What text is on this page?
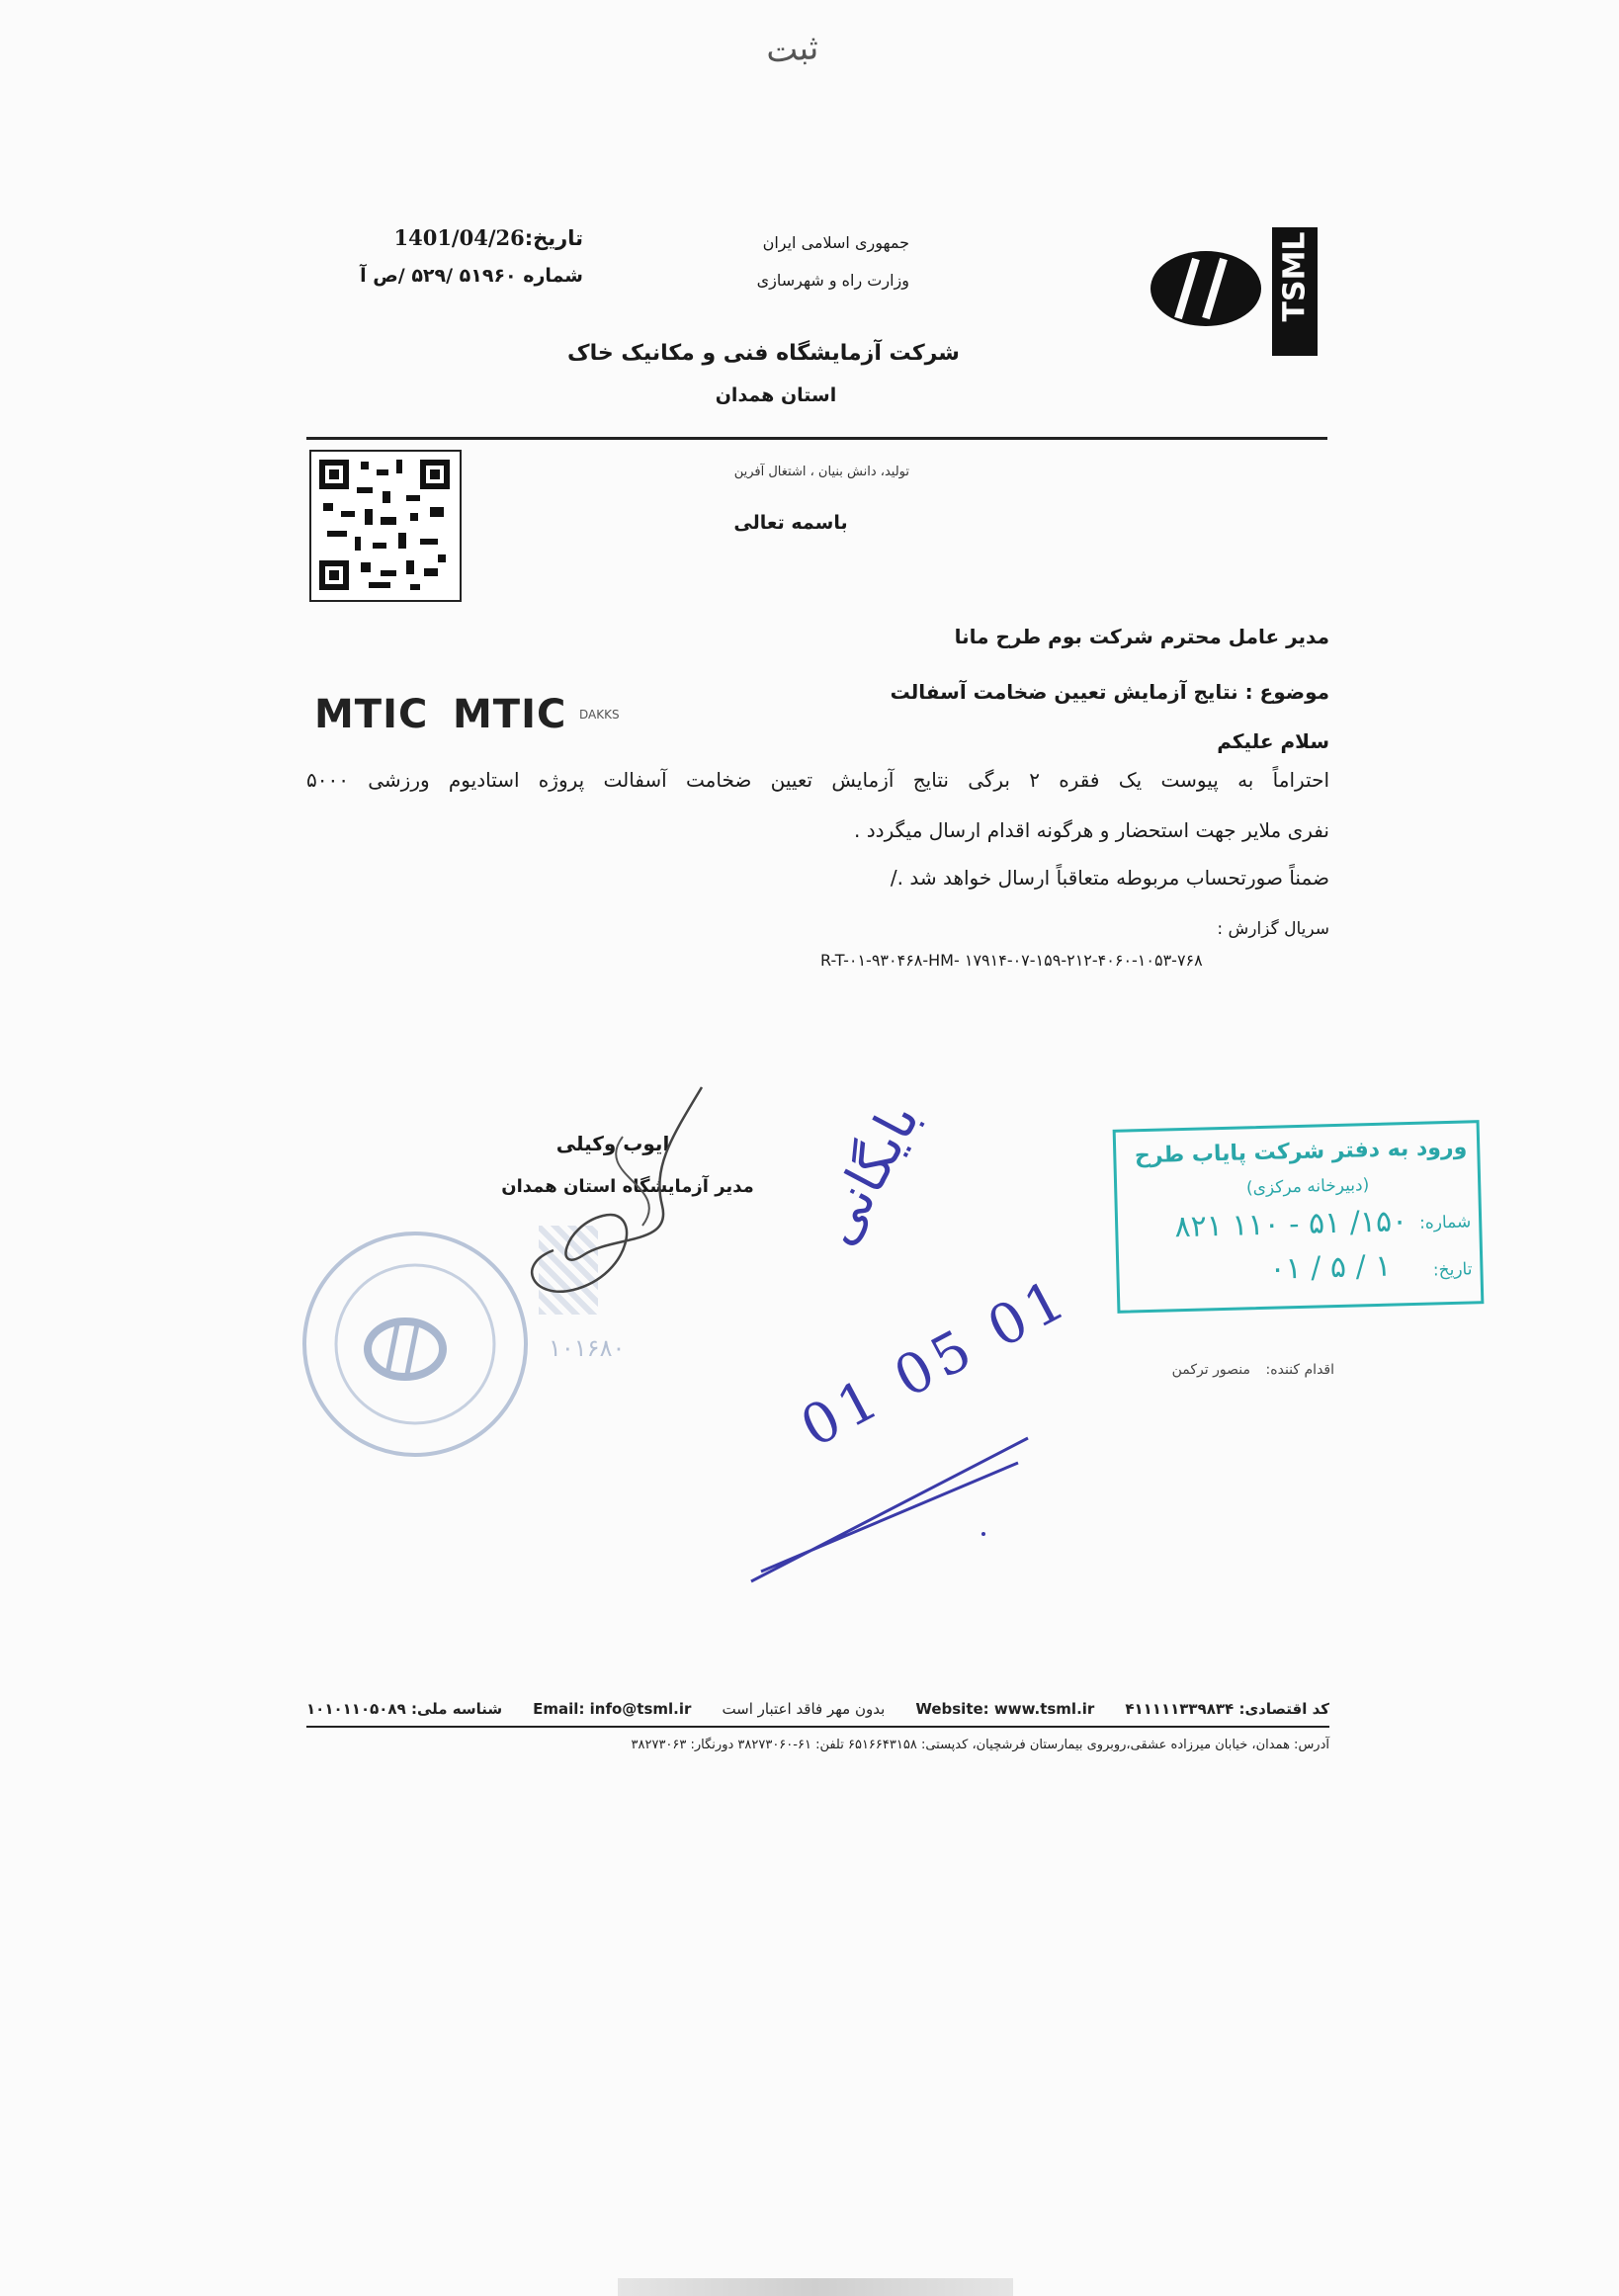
ثبت
تاریخ:1401/04/26
شماره ۵۱۹۶۰ /۵۲۹ /ص آ
جمهوری اسلامی ایران
وزارت راه و شهرسازی	TSML
شرکت آزمایشگاه فنی و مکانیک خاک
استان همدان
تولید، دانش بنیان ، اشتغال آفرین
باسمه تعالی
مدیر عامل محترم شرکت بوم طرح مانا
موضوع : نتایج آزمایش تعیین ضخامت آسفالت
MTIC MTIC DAKKS
سلام علیکم
احتراماً به پیوست یک فقره ۲ برگی نتایج آزمایش تعیین ضخامت آسفالت پروژه استادیوم ورزشی ۵۰۰۰
نفری ملایر جهت استحضار و هرگونه اقدام ارسال میگردد .
ضمناً صورتحساب مربوطه متعاقباً ارسال خواهد شد ./
سریال گزارش :
R-T-۰۱-۹۳۰۴۶۸-HM- ۱۷۹۱۴-۰۷-۱۵۹-۲۱۲-۴۰۶۰-۱۰۵۳-۷۶۸
ایوب وکیلی
مدیر آزمایشگاه استان همدان
۱۰۱۶۸۰
بایگانی
01 05 01
ورود به دفتر شرکت پایاب طرح
(دبیرخانه مرکزی)
شماره:
۱۵۰/ ۵۱ - ۱۱۰ ۸۲۱
تاریخ:
۱ / ۵ / ۰۱
اقدام کننده:
منصور ترکمن
کد اقتصادی: ۴۱۱۱۱۱۳۳۹۸۳۴
Website: www.tsml.ir
بدون مهر فاقد اعتبار است
Email: info@tsml.ir
شناسه ملی: ۱۰۱۰۱۱۰۵۰۸۹
آدرس: همدان، خیابان میرزاده عشقی،روبروی بیمارستان فرشچیان، کدپستی: ۶۵۱۶۶۴۳۱۵۸ تلفن: ۶۱-۳۸۲۷۳۰۶۰ دورنگار: ۳۸۲۷۳۰۶۳
